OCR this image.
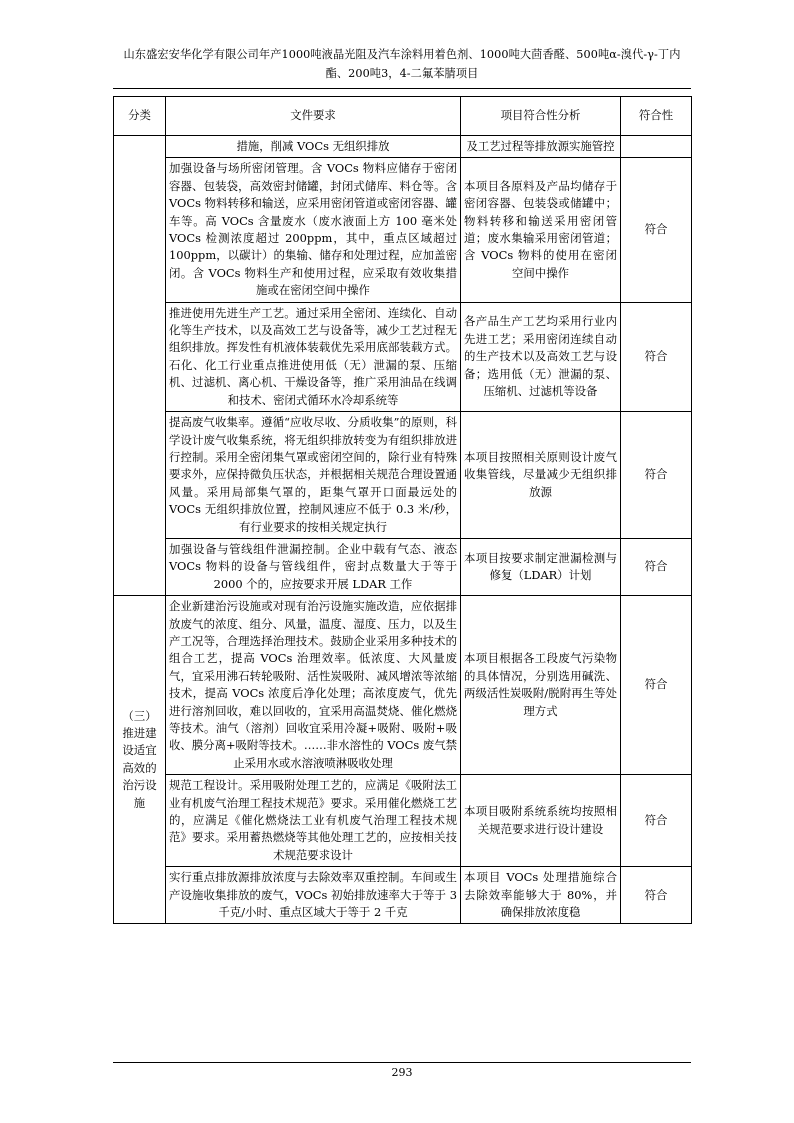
山东盛宏安华化学有限公司年产1000吨液晶光阻及汽车涂料用着色剂、1000吨大茴香醛、500吨α-溴代-γ-丁内酯、200吨3，4-二氟苯腈项目
分类	文件要求	项目符合性分析	符合性
	措施，削减 VOCs 无组织排放	及工艺过程等排放源实施管控	
	加强设备与场所密闭管理。含 VOCs 物料应储存于密闭容器、包装袋，高效密封储罐，封闭式储库、料仓等。含 VOCs 物料转移和输送，应采用密闭管道或密闭容器、罐车等。高 VOCs 含量废水（废水液面上方 100 毫米处 VOCs 检测浓度超过 200ppm，其中，重点区域超过 100ppm，以碳计）的集输、储存和处理过程，应加盖密闭。含 VOCs 物料生产和使用过程，应采取有效收集措施或在密闭空间中操作	本项目各原料及产品均储存于密闭容器、包装袋或储罐中；物料转移和输送采用密闭管道；废水集输采用密闭管道；含 VOCs 物料的使用在密闭空间中操作	符合
	推进使用先进生产工艺。通过采用全密闭、连续化、自动化等生产技术，以及高效工艺与设备等，减少工艺过程无组织排放。挥发性有机液体装载优先采用底部装载方式。石化、化工行业重点推进使用低（无）泄漏的泵、压缩机、过滤机、离心机、干燥设备等，推广采用油品在线调和技术、密闭式循环水冷却系统等	各产品生产工艺均采用行业内先进工艺；采用密闭连续自动的生产技术以及高效工艺与设备；选用低（无）泄漏的泵、压缩机、过滤机等设备	符合
	提高废气收集率。遵循“应收尽收、分质收集”的原则，科学设计废气收集系统，将无组织排放转变为有组织排放进行控制。采用全密闭集气罩或密闭空间的，除行业有特殊要求外，应保持微负压状态，并根据相关规范合理设置通风量。采用局部集气罩的，距集气罩开口面最远处的 VOCs 无组织排放位置，控制风速应不低于 0.3 米/秒，有行业要求的按相关规定执行	本项目按照相关原则设计废气收集管线，尽量减少无组织排放源	符合
	加强设备与管线组件泄漏控制。企业中载有气态、液态 VOCs 物料的设备与管线组件，密封点数量大于等于 2000 个的，应按要求开展 LDAR 工作	本项目按要求制定泄漏检测与修复（LDAR）计划	符合
（三）推进建设适宜高效的治污设施	企业新建治污设施或对现有治污设施实施改造，应依据排放废气的浓度、组分、风量，温度、湿度、压力，以及生产工况等，合理选择治理技术。鼓励企业采用多种技术的组合工艺，提高 VOCs 治理效率。低浓度、大风量废气，宜采用沸石转轮吸附、活性炭吸附、减风增浓等浓缩技术，提高 VOCs 浓度后净化处理；高浓度废气，优先进行溶剂回收，难以回收的，宜采用高温焚烧、催化燃烧等技术。油气（溶剂）回收宜采用冷凝+吸附、吸附+吸收、膜分离+吸附等技术。……非水溶性的 VOCs 废气禁止采用水或水溶液喷淋吸收处理	本项目根据各工段废气污染物的具体情况，分别选用碱洗、两级活性炭吸附/脱附再生等处理方式	符合
	规范工程设计。采用吸附处理工艺的，应满足《吸附法工业有机废气治理工程技术规范》要求。采用催化燃烧工艺的，应满足《催化燃烧法工业有机废气治理工程技术规范》要求。采用蓄热燃烧等其他处理工艺的，应按相关技术规范要求设计	本项目吸附系统系统均按照相关规范要求进行设计建设	符合
	实行重点排放源排放浓度与去除效率双重控制。车间或生产设施收集排放的废气，VOCs 初始排放速率大于等于 3 千克/小时、重点区域大于等于 2 千克	本项目 VOCs 处理措施综合去除效率能够大于 80%，并确保排放浓度稳	符合
293
